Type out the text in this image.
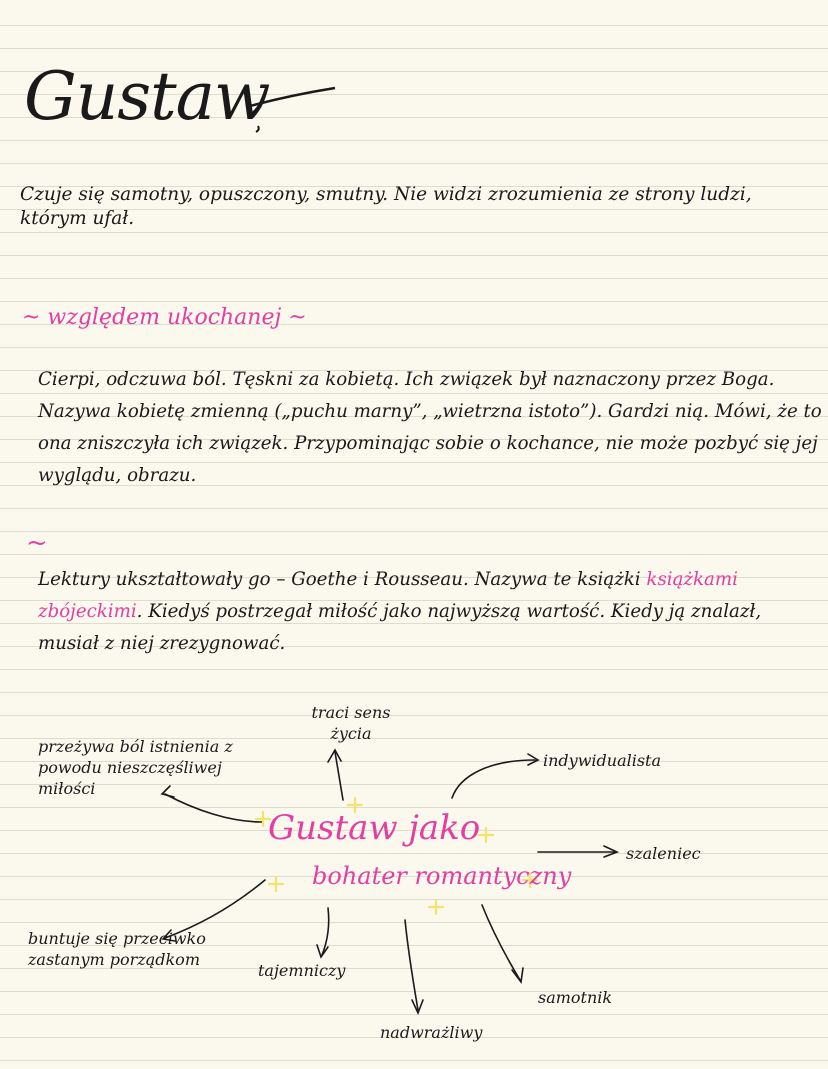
Gustaw
Czuje się samotny, opuszczony, smutny. Nie widzi zrozumienia ze strony ludzi, którym ufał.
~ względem ukochanej ~
Cierpi, odczuwa ból. Tęskni za kobietą. Ich związek był naznaczony przez Boga. Nazywa kobietę zmienną („puchu marny”, „wietrzna istoto”). Gardzi nią. Mówi, że to ona zniszczyła ich związek. Przypominając sobie o kochance, nie może pozbyć się jej wyglądu, obrazu.
~
Lektury ukształtowały go – Goethe i Rousseau. Nazywa te książki książkami zbójeckimi. Kiedyś postrzegał miłość jako najwyższą wartość. Kiedy ją znalazł, musiał z niej zrezygnować.
Gustaw jako
bohater romantyczny
traci sens życia
przeżywa ból istnienia z powodu nieszczęśliwej miłości
indywidualista
szaleniec
buntuje się przeciwko zastanym porządkom
tajemniczy
samotnik
nadwrażliwy
